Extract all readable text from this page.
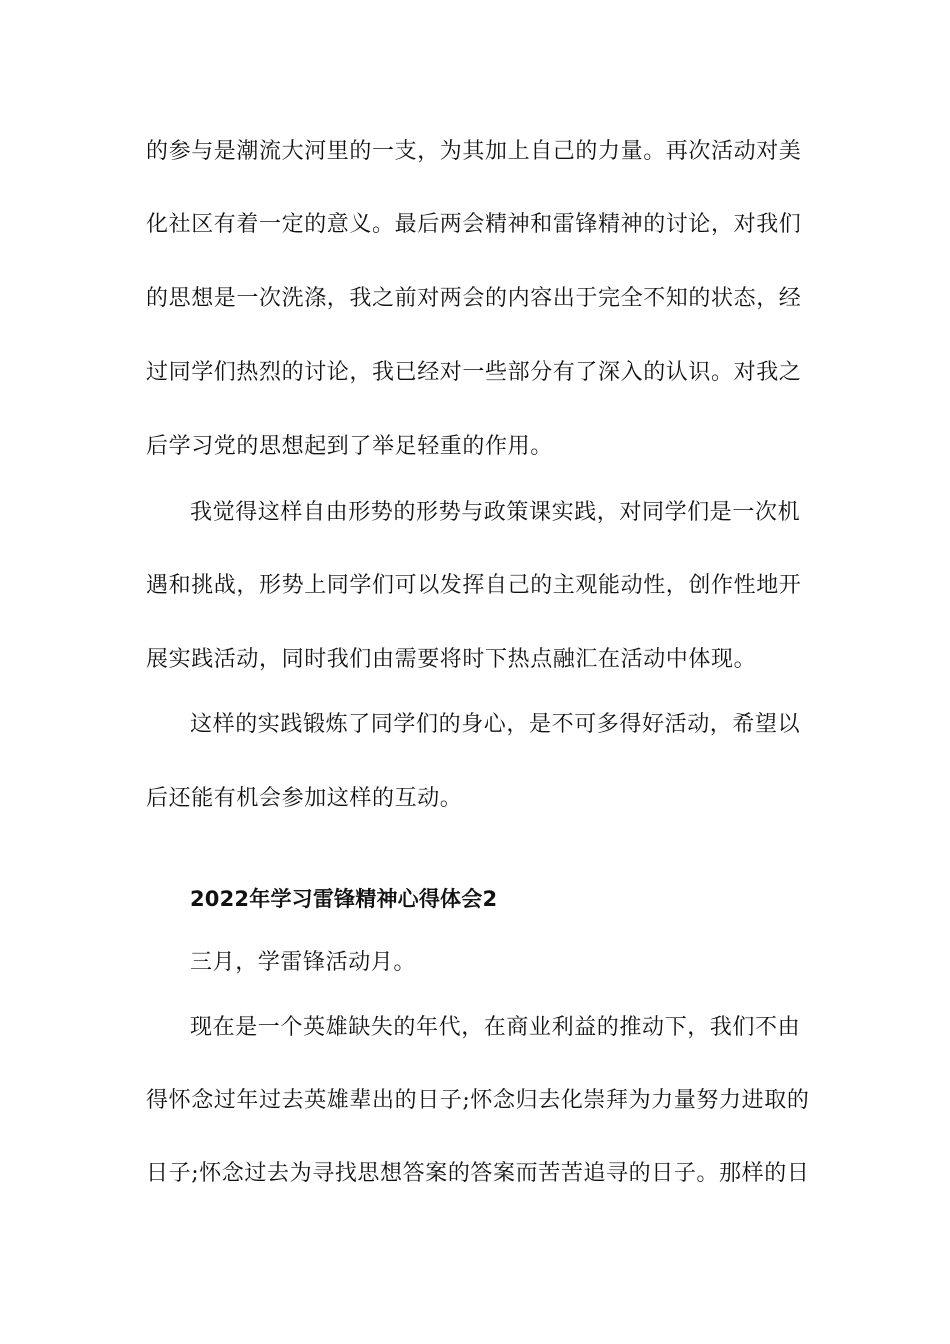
的参与是潮流大河里的一支，为其加上自己的力量。再次活动对美
化社区有着一定的意义。最后两会精神和雷锋精神的讨论，对我们
的思想是一次洗涤，我之前对两会的内容出于完全不知的状态，经
过同学们热烈的讨论，我已经对一些部分有了深入的认识。对我之
后学习党的思想起到了举足轻重的作用。
我觉得这样自由形势的形势与政策课实践，对同学们是一次机
遇和挑战，形势上同学们可以发挥自己的主观能动性，创作性地开
展实践活动，同时我们由需要将时下热点融汇在活动中体现。
这样的实践锻炼了同学们的身心，是不可多得好活动，希望以
后还能有机会参加这样的互动。
2022年学习雷锋精神心得体会2
三月，学雷锋活动月。
现在是一个英雄缺失的年代，在商业利益的推动下，我们不由
得怀念过年过去英雄辈出的日子;怀念归去化崇拜为力量努力进取的
日子;怀念过去为寻找思想答案的答案而苦苦追寻的日子。那样的日
